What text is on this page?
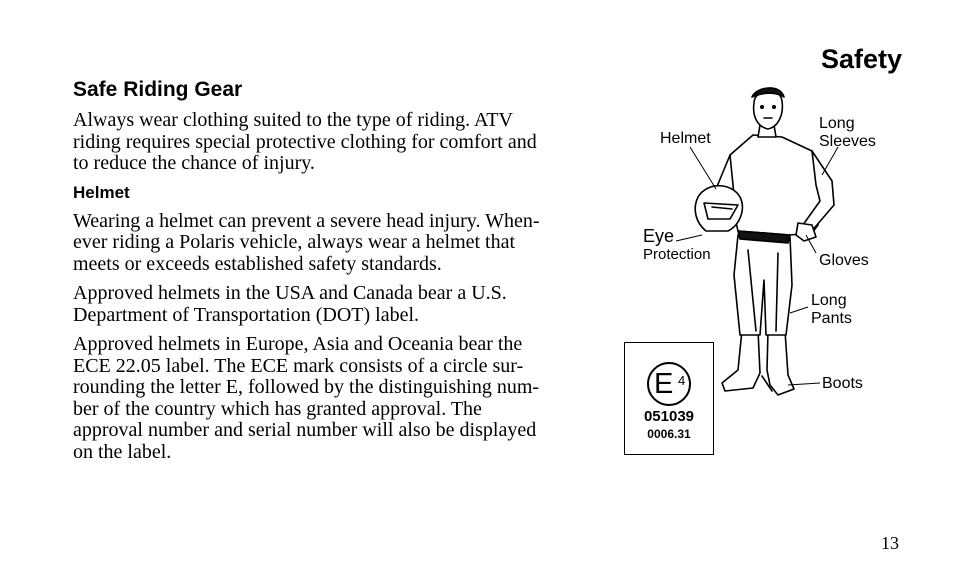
Safety
Safe Riding Gear
Always wear clothing suited to the type of riding. ATV
riding requires special protective clothing for comfort and
to reduce the chance of injury.
Helmet
Wearing a helmet can prevent a severe head injury. When-
ever riding a Polaris vehicle, always wear a helmet that
meets or exceeds established safety standards.
Approved helmets in the USA and Canada bear a U.S.
Department of Transportation (DOT) label.
Approved helmets in Europe, Asia and Oceania bear the
ECE 22.05 label. The ECE mark consists of a circle sur-
rounding the letter E, followed by the distinguishing num-
ber of the country which has granted approval. The
approval number and serial number will also be displayed
on the label.
Helmet
Long
Sleeves
Eye
Protection	Gloves
Long
Pants
Boots
E 4
051039
0006.31
13
